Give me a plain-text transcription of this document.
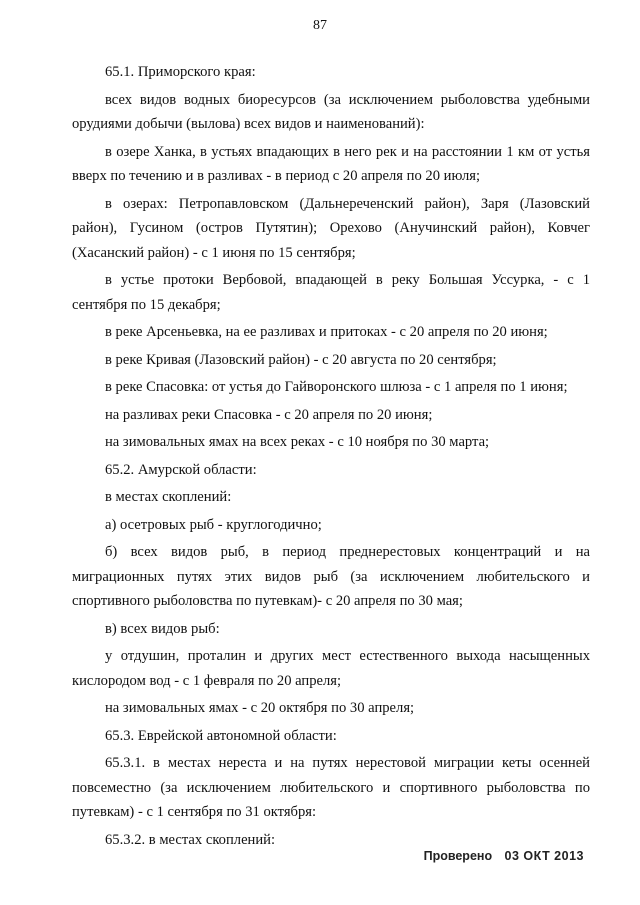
87

65.1. Приморского края:

всех видов водных биоресурсов (за исключением рыболовства удебными орудиями добычи (вылова) всех видов и наименований):

в озере Ханка, в устьях впадающих в него рек и на расстоянии 1 км от устья вверх по течению и в разливах - в период с 20 апреля по 20 июля;

в озерах: Петропавловском (Дальнереченский район), Заря (Лазовский район), Гусином (остров Путятин); Орехово (Анучинский район), Ковчег (Хасанский район) - с 1 июня по 15 сентября;

в устье протоки Вербовой, впадающей в реку Большая Уссурка, - с 1 сентября по 15 декабря;

в реке Арсеньевка, на ее разливах и притоках - с 20 апреля по 20 июня;

в реке Кривая (Лазовский район) - с 20 августа по 20 сентября;

в реке Спасовка: от устья до Гайворонского шлюза - с 1 апреля по 1 июня;

на разливах реки Спасовка - с 20 апреля по 20 июня;

на зимовальных ямах на всех реках - с 10 ноября по 30 марта;

65.2. Амурской области:

в местах скоплений:

а) осетровых рыб - круглогодично;

б) всех видов рыб, в период преднерестовых концентраций и на миграционных путях этих видов рыб (за исключением любительского и спортивного рыболовства по путевкам)- с 20 апреля по 30 мая;

в) всех видов рыб:

у отдушин, проталин и других мест естественного выхода насыщенных кислородом вод - с 1 февраля по 20 апреля;

на зимовальных ямах - с 20 октября по 30 апреля;

65.3. Еврейской автономной области:

65.3.1. в местах нереста и на путях нерестовой миграции кеты осенней повсеместно (за исключением любительского и спортивного рыболовства по путевкам) - с 1 сентября по 31 октября:

65.3.2. в местах скоплений:

Проверено 03 ОКТ 2013
